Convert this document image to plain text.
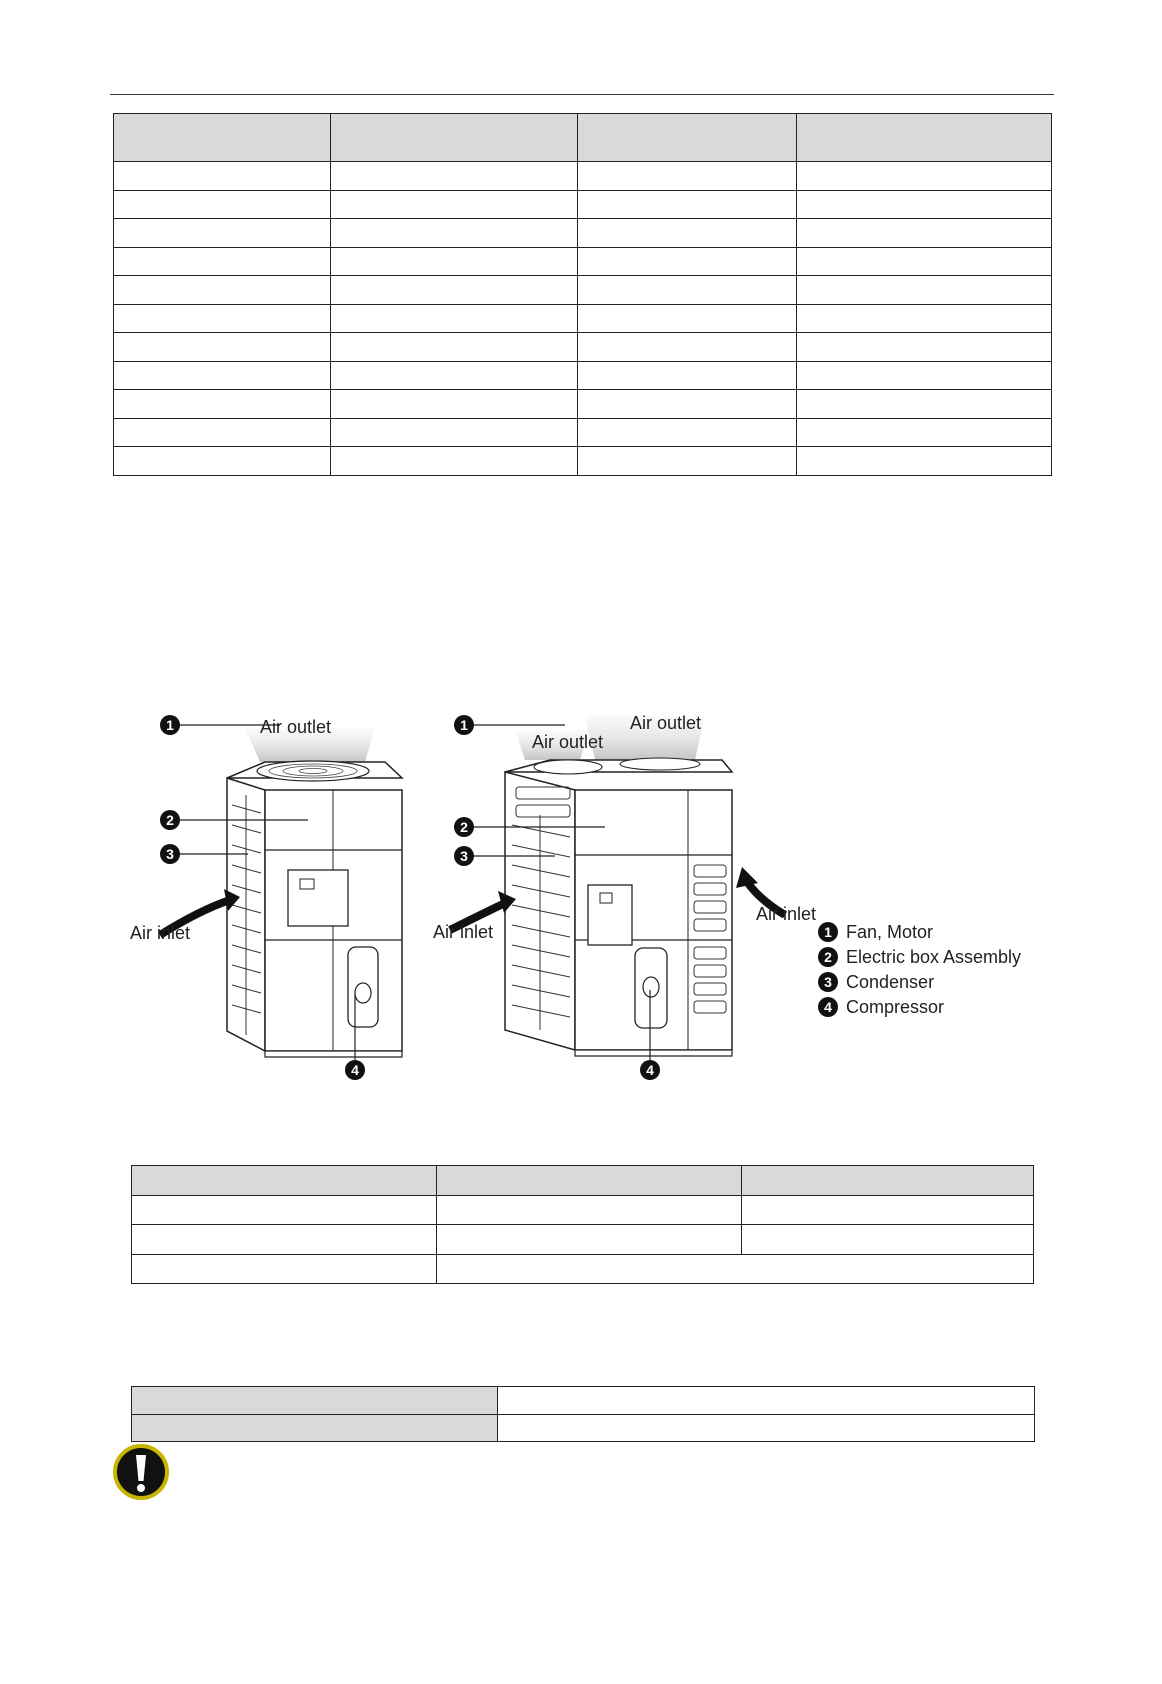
Air outlet
Air inlet
1
2
3
4
Air outlet
Air outlet
Air inlet
Air inlet
1
2
3
4
1 Fan, Motor
2 Electric box Assembly
3 Condenser
4 Compressor
